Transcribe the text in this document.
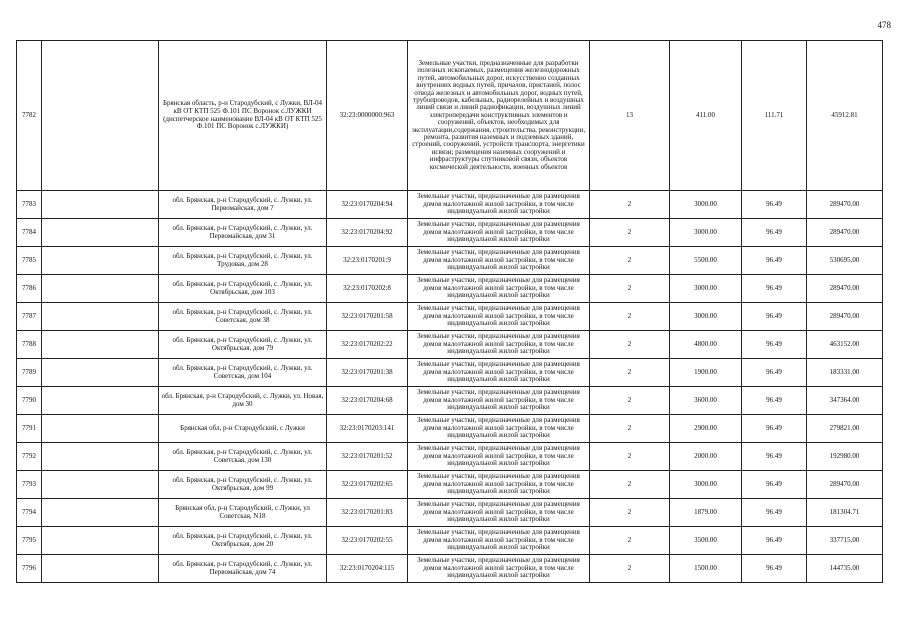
478
7782		Брянская область, р-н Стародубский, с Лужки, ВЛ-04 кВ ОТ КТП 525 Ф.101 ПС Воронок с.ЛУЖКИ (диспетчерское наименование ВЛ-04 кВ ОТ КТП 525 Ф.101 ПС Воронок с.ЛУЖКИ)	32:23:0000000:963	Земельные участки, предназначенные для разработки полезных ископаемых, размещения железнодорожных путей, автомобильных дорог, искусственно созданных внутренних водных путей, причалов, пристаней, полос отвода железных и автомобильных дорог, водных путей, трубопроводов, кабельных, радиорелейных и воздушных линий связи и линий радиофикации, воздушных линий электропередачи конструктивных элементов и сооружений, объектов, необходимых для эксплуатации,содержания, строительства, реконструкции, ремонта, развития наземных и подземных зданий, строений, сооружений, устройств транспорта, энергетики исвязи; размещения наземных сооружений и инфраструктуры спутниковой связи, объектов космической деятельности, военных объектов	13	411.00	111.71	45912.81
7783		обл. Брянская, р-н Стародубский, с. Лужки, ул. Первомайская, дом 7	32:23:0170204:94	Земельные участки, предназначенные для размещения домов малоэтажной жилой застройки, в том числе индивидуальной жилой застройки	2	3000.00	96.49	289470.00
7784		обл. Брянская, р-н Стародубский, с. Лужки, ул. Первомайская, дом 31	32:23:0170204:92	Земельные участки, предназначенные для размещения домов малоэтажной жилой застройки, в том числе индивидуальной жилой застройки	2	3000.00	96.49	289470.00
7785		обл. Брянская, р-н Стародубский, с. Лужки, ул. Трудовая, дом 28	32:23:0170201:9	Земельные участки, предназначенные для размещения домов малоэтажной жилой застройки, в том числе индивидуальной жилой застройки	2	5500.00	96.49	530695.00
7786		обл. Брянская, р-н Стародубский, с. Лужки, ул. Октябрьская, дом 103	32:23:0170202:8	Земельные участки, предназначенные для размещения домов малоэтажной жилой застройки, в том числе индивидуальной жилой застройки	2	3000.00	96.49	289470.00
7787		обл. Брянская, р-н Стародубский, с. Лужки, ул. Советская, дом 38	32:23:0170201:58	Земельные участки, предназначенные для размещения домов малоэтажной жилой застройки, в том числе индивидуальной жилой застройки	2	3000.00	96.49	289470.00
7788		обл. Брянская, р-н Стародубский, с. Лужки, ул. Октябрьская, дом 79	32:23:0170202:22	Земельные участки, предназначенные для размещения домов малоэтажной жилой застройки, в том числе индивидуальной жилой застройки	2	4800.00	96.49	463152.00
7789		обл. Брянская, р-н Стародубский, с. Лужки, ул. Советская, дом 104	32:23:0170201:38	Земельные участки, предназначенные для размещения домов малоэтажной жилой застройки, в том числе индивидуальной жилой застройки	2	1900.00	96.49	183331.00
7790		обл. Брянская, р-н Стародубский, с. Лужки, ул. Новая, дом 30	32:23:0170204:68	Земельные участки, предназначенные для размещения домов малоэтажной жилой застройки, в том числе индивидуальной жилой застройки	2	3600.00	96.49	347364.00
7791		Брянская обл, р-н Стародубский, с Лужки	32:23:0170203:141	Земельные участки, предназначенные для размещения домов малоэтажной жилой застройки, в том числе индивидуальной жилой застройки	2	2900.00	96.49	279821.00
7792		обл. Брянская, р-н Стародубский, с. Лужки, ул. Советская, дом 130	32:23:0170201:52	Земельные участки, предназначенные для размещения домов малоэтажной жилой застройки, в том числе индивидуальной жилой застройки	2	2000.00	96.49	192980.00
7793		обл. Брянская, р-н Стародубский, с. Лужки, ул. Октябрьская, дом 99	32:23:0170202:65	Земельные участки, предназначенные для размещения домов малоэтажной жилой застройки, в том числе индивидуальной жилой застройки	2	3000.00	96.49	289470.00
7794		Брянская обл, р-н Стародубский, с Лужки, ул Советская, N18	32:23:0170201:83	Земельные участки, предназначенные для размещения домов малоэтажной жилой застройки, в том числе индивидуальной жилой застройки	2	1879.00	96.49	181304.71
7795		обл. Брянская, р-н Стародубский, с. Лужки, ул. Октябрьская, дом 20	32:23:0170202:55	Земельные участки, предназначенные для размещения домов малоэтажной жилой застройки, в том числе индивидуальной жилой застройки	2	3500.00	96.49	337715.00
7796		обл. Брянская, р-н Стародубский, с. Лужки, ул. Первомайская, дом 74	32:23:0170204:115	Земельные участки, предназначенные для размещения домов малоэтажной жилой застройки, в том числе индивидуальной жилой застройки	2	1500.00	96.49	144735.00
